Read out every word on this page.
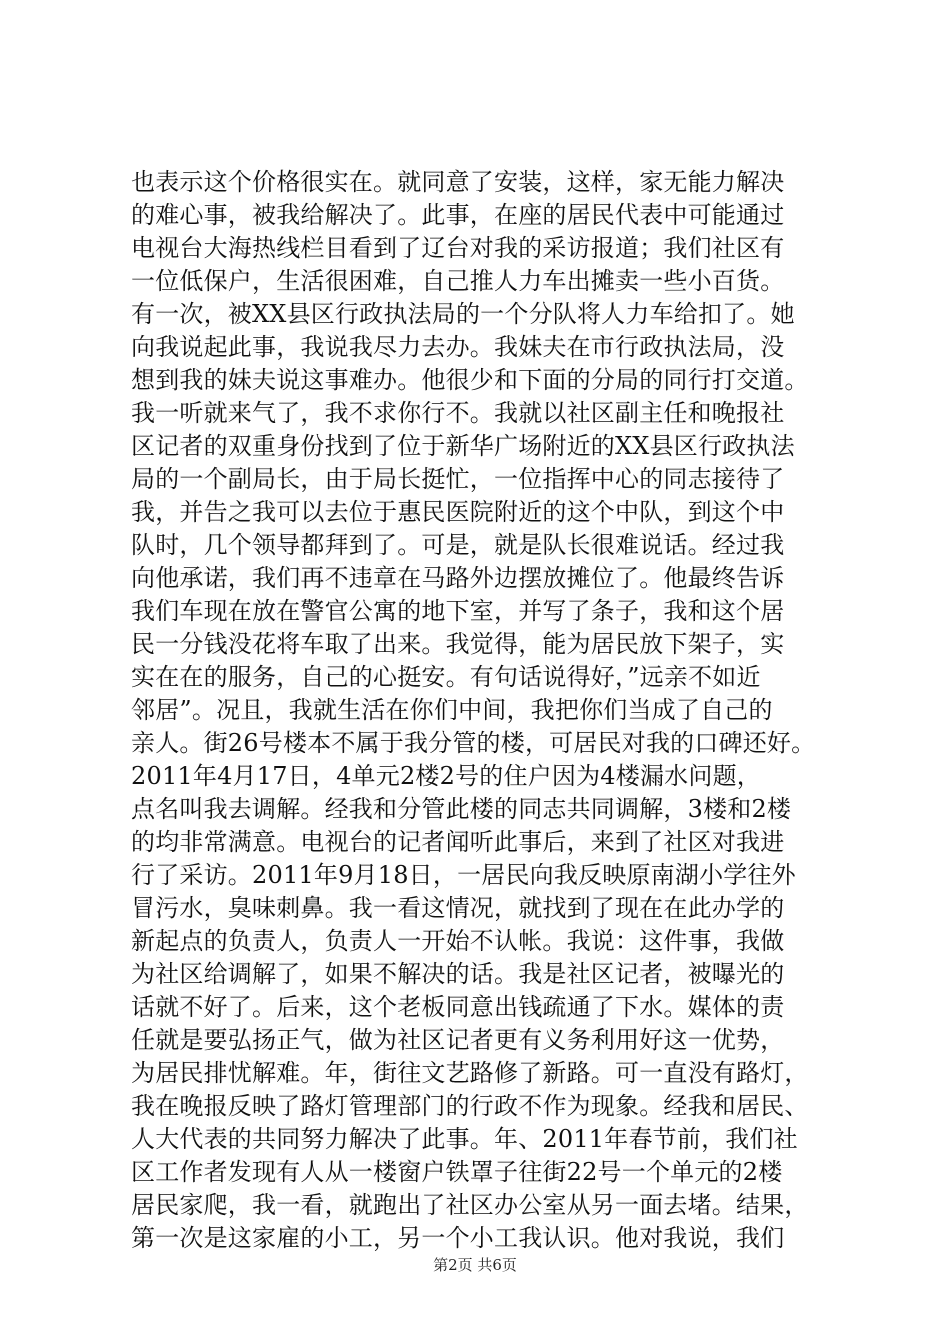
也表示这个价格很实在。就同意了安装，这样，家无能力解决
的难心事，被我给解决了。此事，在座的居民代表中可能通过
电视台大海热线栏目看到了辽台对我的采访报道；我们社区有
一位低保户，生活很困难，自己推人力车出摊卖一些小百货。
有一次，被XX县区行政执法局的一个分队将人力车给扣了。她
向我说起此事，我说我尽力去办。我妹夫在市行政执法局，没
想到我的妹夫说这事难办。他很少和下面的分局的同行打交道。
我一听就来气了，我不求你行不。我就以社区副主任和晚报社
区记者的双重身份找到了位于新华广场附近的XX县区行政执法
局的一个副局长，由于局长挺忙，一位指挥中心的同志接待了
我，并告之我可以去位于惠民医院附近的这个中队，到这个中
队时，几个领导都拜到了。可是，就是队长很难说话。经过我
向他承诺，我们再不违章在马路外边摆放摊位了。他最终告诉
我们车现在放在警官公寓的地下室，并写了条子，我和这个居
民一分钱没花将车取了出来。我觉得，能为居民放下架子，实
实在在的服务，自己的心挺安。有句话说得好，”远亲不如近
邻居”。况且，我就生活在你们中间，我把你们当成了自己的
亲人。街26号楼本不属于我分管的楼，可居民对我的口碑还好。
2011年4月17日，4单元2楼2号的住户因为4楼漏水问题，
点名叫我去调解。经我和分管此楼的同志共同调解，3楼和2楼
的均非常满意。电视台的记者闻听此事后，来到了社区对我进
行了采访。2011年9月18日，一居民向我反映原南湖小学往外
冒污水，臭味刺鼻。我一看这情况，就找到了现在在此办学的
新起点的负责人，负责人一开始不认帐。我说：这件事，我做
为社区给调解了，如果不解决的话。我是社区记者，被曝光的
话就不好了。后来，这个老板同意出钱疏通了下水。媒体的责
任就是要弘扬正气，做为社区记者更有义务利用好这一优势，
为居民排忧解难。年，街往文艺路修了新路。可一直没有路灯，
我在晚报反映了路灯管理部门的行政不作为现象。经我和居民、
人大代表的共同努力解决了此事。年、2011年春节前，我们社
区工作者发现有人从一楼窗户铁罩子往街22号一个单元的2楼
居民家爬，我一看，就跑出了社区办公室从另一面去堵。结果，
第一次是这家雇的小工，另一个小工我认识。他对我说，我们
第2页 共6页
